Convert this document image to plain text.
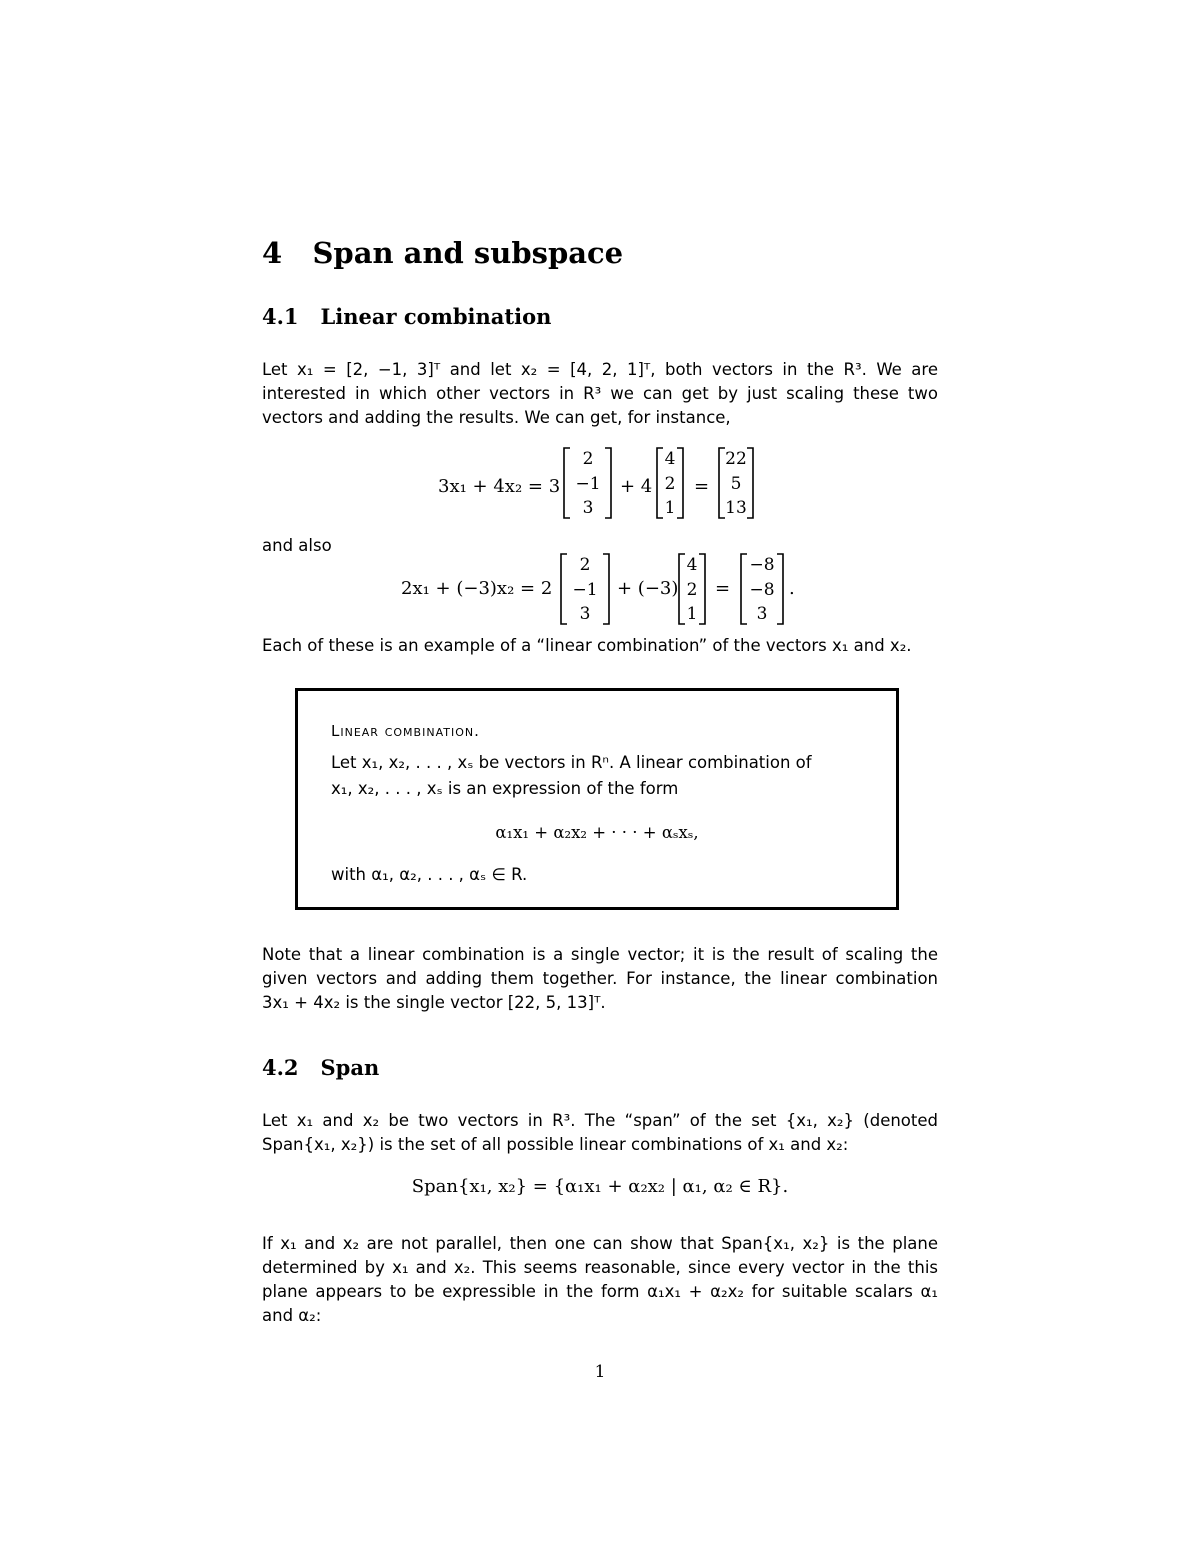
4 Span and subspace
4.1 Linear combination
Let x₁ = [2, −1, 3]ᵀ and let x₂ = [4, 2, 1]ᵀ, both vectors in the R³. We are
interested in which other vectors in R³ we can get by just scaling these two
vectors and adding the results. We can get, for instance,
3x₁ + 4x₂ = 3
2
−1
3
+ 4
4
2
1
=
22
5
13
and also
2x₁ + (−3)x₂ = 2
2
−1
3
+ (−3)
4
2
1
=
−8
−8
3
.
Each of these is an example of a “linear combination” of the vectors x₁ and x₂.
Linear combination.
Let x₁, x₂, . . . , xₛ be vectors in Rⁿ. A linear combination of
x₁, x₂, . . . , xₛ is an expression of the form
α₁x₁ + α₂x₂ + · · · + αₛxₛ,
with α₁, α₂, . . . , αₛ ∈ R.
Note that a linear combination is a single vector; it is the result of scaling the
given vectors and adding them together. For instance, the linear combination
3x₁ + 4x₂ is the single vector [22, 5, 13]ᵀ.
4.2 Span
Let x₁ and x₂ be two vectors in R³. The “span” of the set {x₁, x₂} (denoted
Span{x₁, x₂}) is the set of all possible linear combinations of x₁ and x₂:
Span{x₁, x₂} = {α₁x₁ + α₂x₂ | α₁, α₂ ∈ R}.
If x₁ and x₂ are not parallel, then one can show that Span{x₁, x₂} is the plane
determined by x₁ and x₂. This seems reasonable, since every vector in the this
plane appears to be expressible in the form α₁x₁ + α₂x₂ for suitable scalars α₁
and α₂:
1
